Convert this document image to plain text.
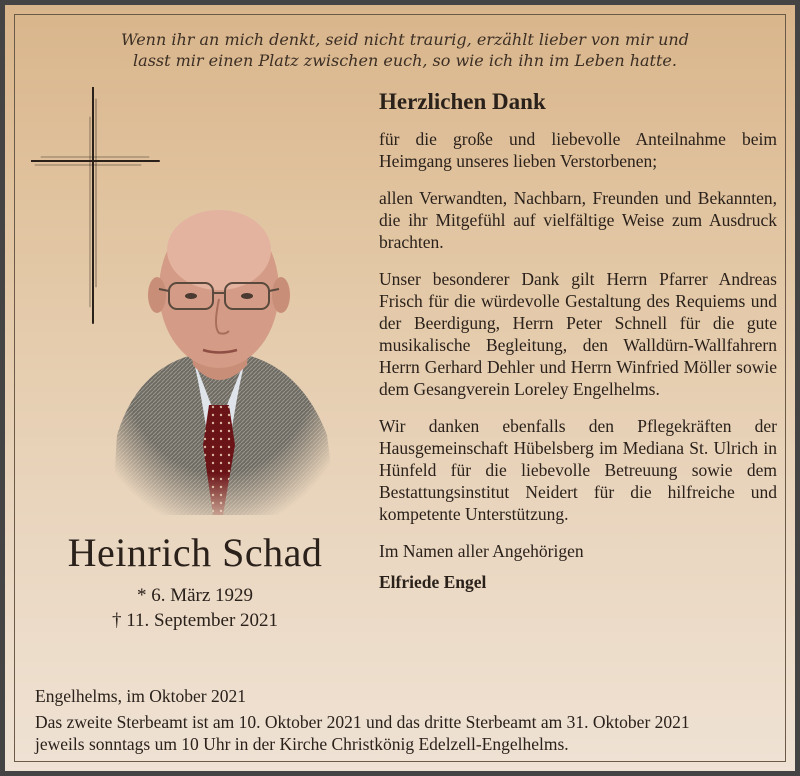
Wenn ihr an mich denkt, seid nicht traurig, erzählt lieber von mir und
lasst mir einen Platz zwischen euch, so wie ich ihn im Leben hatte.
Heinrich Schad
* 6. März 1929
† 11. September 2021
Herzlichen Dank

für die große und liebevolle Anteilnahme beim Heimgang unseres lieben Verstorbenen;

allen Verwandten, Nachbarn, Freunden und Bekannten, die ihr Mitgefühl auf vielfältige Weise zum Ausdruck brachten.

Unser besonderer Dank gilt Herrn Pfarrer Andreas Frisch für die würdevolle Gestaltung des Requiems und der Beerdigung, Herrn Peter Schnell für die gute musikalische Begleitung, den Walldürn-Wallfahrern Herrn Gerhard Dehler und Herrn Winfried Möller sowie dem Gesangverein Loreley Engelhelms.

Wir danken ebenfalls den Pflegekräften der Hausgemeinschaft Hübelsberg im Mediana St. Ulrich in Hünfeld für die liebevolle Betreuung sowie dem Bestattungsinstitut Neidert für die hilfreiche und kompetente Unterstützung.

Im Namen aller Angehörigen
Elfriede Engel
Engelhelms, im Oktober 2021
Das zweite Sterbeamt ist am 10. Oktober 2021 und das dritte Sterbeamt am 31. Oktober 2021
jeweils sonntags um 10 Uhr in der Kirche Christkönig Edelzell-Engelhelms.
